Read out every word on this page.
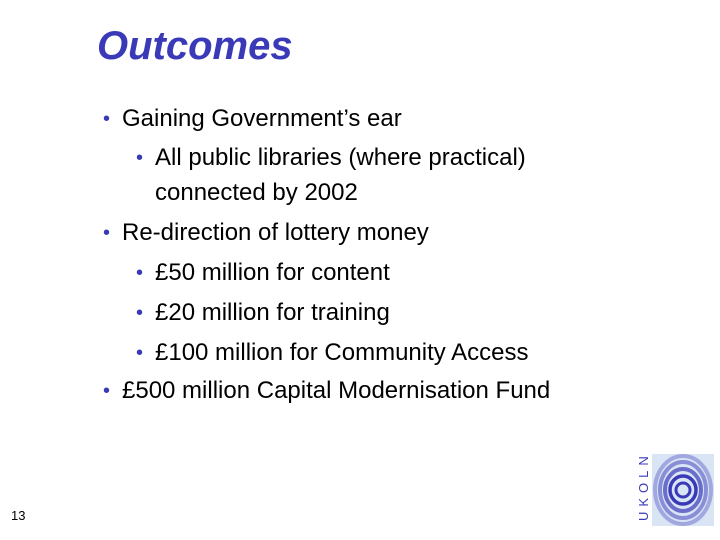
Outcomes
• Gaining Government’s ear
• All public libraries (where practical)
connected by 2002
• Re-direction of lottery money
• £50 million for content
• £20 million for training
• £100 million for Community Access
• £500 million Capital Modernisation Fund
13	UKOLN
